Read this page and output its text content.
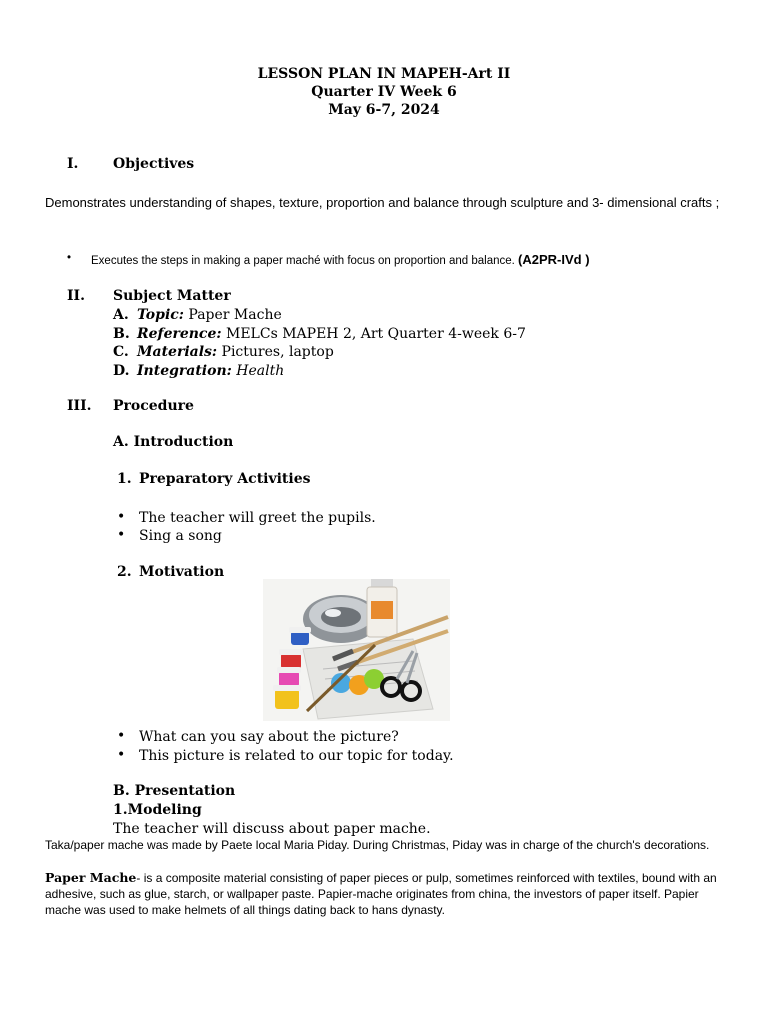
LESSON PLAN IN MAPEH-Art II
Quarter IV Week 6
May 6-7, 2024
I. Objectives
Demonstrates understanding of shapes, texture, proportion and balance through sculpture and 3- dimensional crafts ;
• Executes the steps in making a paper maché with focus on proportion and balance. (A2PR-IVd )
II. Subject Matter
A. Topic: Paper Mache
B. Reference: MELCs MAPEH 2, Art Quarter 4-week 6-7
C. Materials: Pictures, laptop
D. Integration: Health
III. Procedure
A. Introduction
1. Preparatory Activities
• The teacher will greet the pupils.
• Sing a song
2. Motivation
• What can you say about the picture?
• This picture is related to our topic for today.
B. Presentation
1.Modeling
The teacher will discuss about paper mache.
Taka/paper mache was made by Paete local Maria Piday. During Christmas, Piday was in charge of the church's decorations.
Paper Mache- is a composite material consisting of paper pieces or pulp, sometimes reinforced with textiles, bound with an adhesive, such as glue, starch, or wallpaper paste. Papier-mache originates from china, the investors of paper itself. Papier mache was used to make helmets of all things dating back to hans dynasty.
